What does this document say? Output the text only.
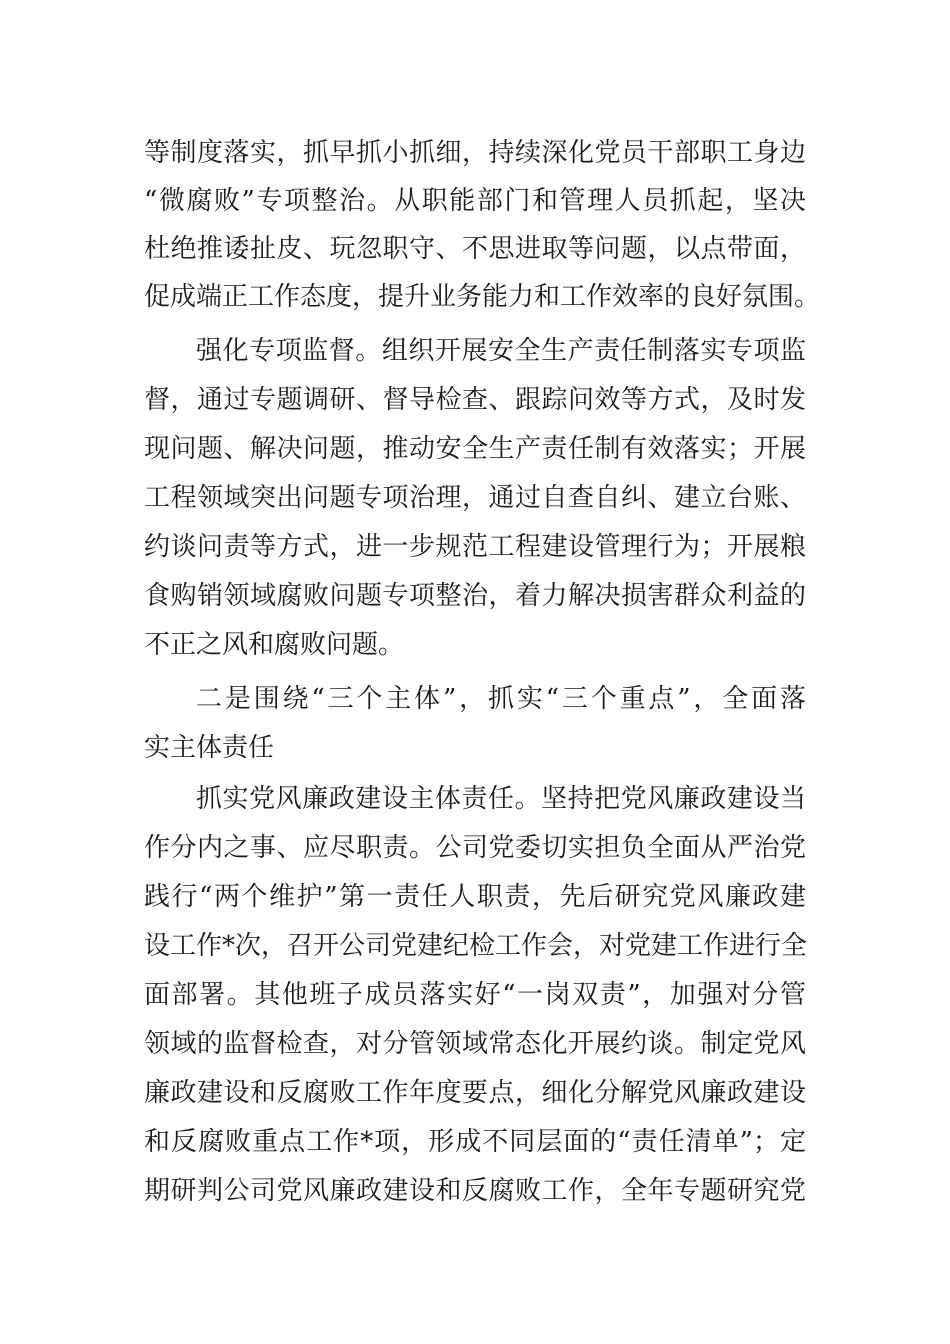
等制度落实，抓早抓小抓细，持续深化党员干部职工身边

“微腐败”专项整治。从职能部门和管理人员抓起，坚决

杜绝推诿扯皮、玩忽职守、不思进取等问题，以点带面，

促成端正工作态度，提升业务能力和工作效率的良好氛围。

强化专项监督。组织开展安全生产责任制落实专项监

督，通过专题调研、督导检查、跟踪问效等方式，及时发

现问题、解决问题，推动安全生产责任制有效落实；开展

工程领域突出问题专项治理，通过自查自纠、建立台账、

约谈问责等方式，进一步规范工程建设管理行为；开展粮

食购销领域腐败问题专项整治，着力解决损害群众利益的

不正之风和腐败问题。

二是围绕“三个主体”，抓实“三个重点”，全面落

实主体责任

抓实党风廉政建设主体责任。坚持把党风廉政建设当

作分内之事、应尽职责。公司党委切实担负全面从严治党

践行“两个维护”第一责任人职责，先后研究党风廉政建

设工作*次，召开公司党建纪检工作会，对党建工作进行全

面部署。其他班子成员落实好“一岗双责”，加强对分管

领域的监督检查，对分管领域常态化开展约谈。制定党风

廉政建设和反腐败工作年度要点，细化分解党风廉政建设

和反腐败重点工作*项，形成不同层面的“责任清单”；定

期研判公司党风廉政建设和反腐败工作，全年专题研究党
